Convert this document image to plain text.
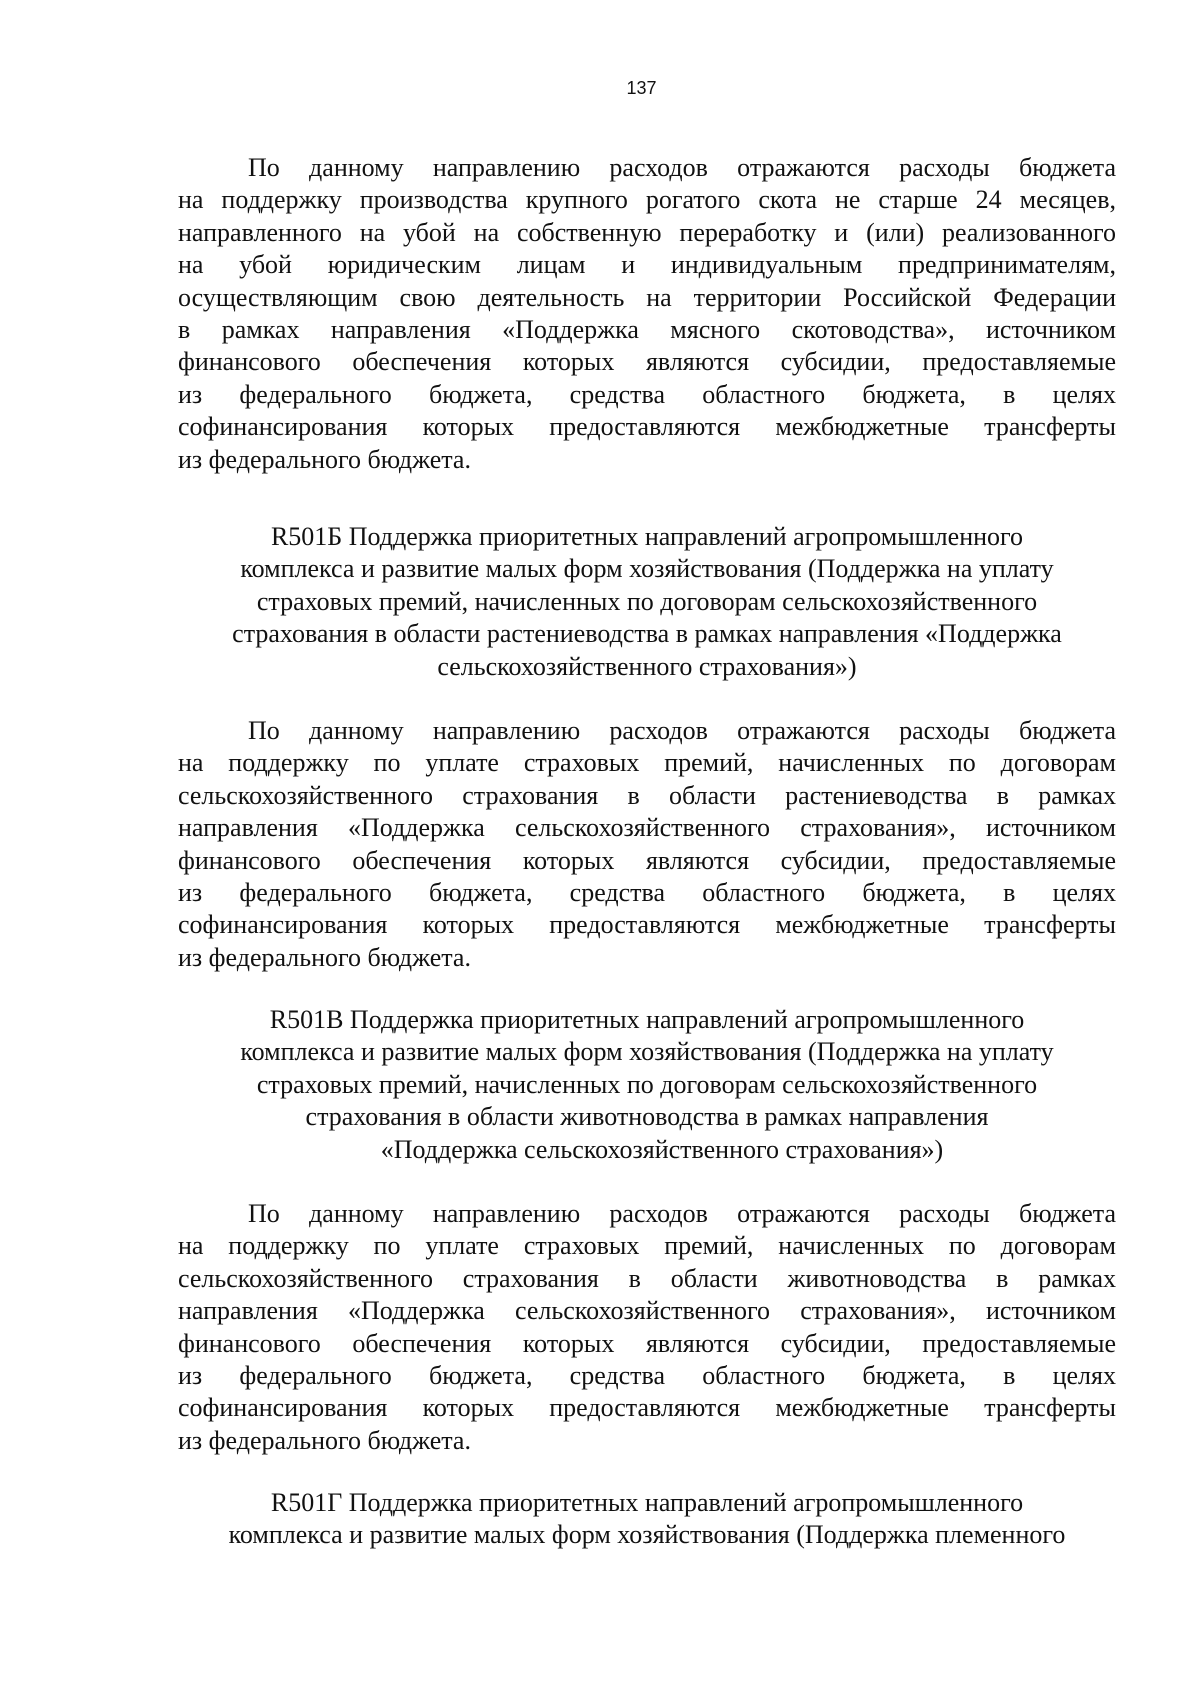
137
По данному направлению расходов отражаются расходы бюджета
на поддержку производства крупного рогатого скота не старше 24 месяцев,
направленного на убой на собственную переработку и (или) реализованного
на убой юридическим лицам и индивидуальным предпринимателям,
осуществляющим свою деятельность на территории Российской Федерации
в рамках направления «Поддержка мясного скотоводства», источником
финансового обеспечения которых являются субсидии, предоставляемые
из федерального бюджета, средства областного бюджета, в целях
софинансирования которых предоставляются межбюджетные трансферты
из федерального бюджета.
R501Б Поддержка приоритетных направлений агропромышленного
комплекса и развитие малых форм хозяйствования (Поддержка на уплату
страховых премий, начисленных по договорам сельскохозяйственного
страхования в области растениеводства в рамках направления «Поддержка
сельскохозяйственного страхования»)
По данному направлению расходов отражаются расходы бюджета
на поддержку по уплате страховых премий, начисленных по договорам
сельскохозяйственного страхования в области растениеводства в рамках
направления «Поддержка сельскохозяйственного страхования», источником
финансового обеспечения которых являются субсидии, предоставляемые
из федерального бюджета, средства областного бюджета, в целях
софинансирования которых предоставляются межбюджетные трансферты
из федерального бюджета.
R501В Поддержка приоритетных направлений агропромышленного
комплекса и развитие малых форм хозяйствования (Поддержка на уплату
страховых премий, начисленных по договорам сельскохозяйственного
страхования в области животноводства в рамках направления
«Поддержка сельскохозяйственного страхования»)
По данному направлению расходов отражаются расходы бюджета
на поддержку по уплате страховых премий, начисленных по договорам
сельскохозяйственного страхования в области животноводства в рамках
направления «Поддержка сельскохозяйственного страхования», источником
финансового обеспечения которых являются субсидии, предоставляемые
из федерального бюджета, средства областного бюджета, в целях
софинансирования которых предоставляются межбюджетные трансферты
из федерального бюджета.
R501Г Поддержка приоритетных направлений агропромышленного
комплекса и развитие малых форм хозяйствования (Поддержка племенного
